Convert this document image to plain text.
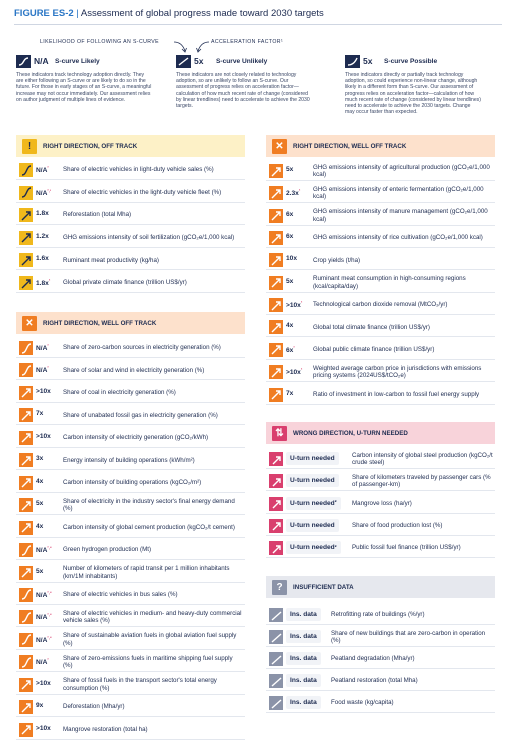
FIGURE ES-2 | Assessment of global progress made toward 2030 targets
LIKELIHOOD OF FOLLOWING AN S-CURVE	ACCELERATION FACTOR¹
N/A S-curve Likely
These indicators track technology adoption directly. They are either following an S-curve or are likely to do so in the future. For those in early stages of an S-curve, a meaningful increase may not occur immediately. Our assessment relies on author judgment of multiple lines of evidence.
5x S-curve Unlikely
These indicators are not closely related to technology adoption, so are unlikely to follow an S-curve. Our assessment of progress relies on acceleration factor—calculation of how much recent rate of change (considered by linear trendlines) need to accelerate to achieve the 2030 targets.
5x S-curve Possible
These indicators directly or partially track technology adoption, so could experience non-linear change, although likely in a different form than S-curve. Our assessment of progress relies on acceleration factor—calculation of how much recent rate of change (considered by linear trendlines) need to accelerate to achieve the 2030 targets. Change may occur faster than expected.
!	RIGHT DIRECTION, OFF TRACK
$N/A^{^2}$ Share of electric vehicles in light-duty vehicle sales (%)
$N/A^{^2,^3}$ Share of electric vehicles in the light-duty vehicle fleet (%)
1.8x Reforestation (total Mha)
1.2x GHG emissions intensity of soil fertilization (gCO₂e/1,000 kcal)
1.6x Ruminant meat productivity (kg/ha)
$1.8x^{^2}$ Global private climate finance (trillion US$/yr)
✕	RIGHT DIRECTION, WELL OFF TRACK
$N/A^{^2}$ Share of zero-carbon sources in electricity generation (%)
$N/A^{^2}$ Share of solar and wind in electricity generation (%)
>10x Share of coal in electricity generation (%)
7x	Share of unabated fossil gas in electricity generation (%)
>10x Carbon intensity of electricity generation (gCO₂/kWh)
3x	Energy intensity of building operations (kWh/m²)
4x	Carbon intensity of building operations (kgCO₂/m²)
5x	Share of electricity in the industry sector's final energy demand (%)
4x	Carbon intensity of global cement production (kgCO₂/t cement)
$N/A^{^2,^4}$ Green hydrogen production (Mt)
5x	Number of kilometers of rapid transit per 1 million inhabitants (km/1M inhabitants)
$N/A^{^2,^4}$ Share of electric vehicles in bus sales (%)
$N/A^{^2,^4}$ Share of electric vehicles in medium- and heavy-duty commercial vehicle sales (%)
$N/A^{^2,^4}$ Share of sustainable aviation fuels in global aviation fuel supply (%)
$N/A^{^2}$ Share of zero-emissions fuels in maritime shipping fuel supply (%)
>10x Share of fossil fuels in the transport sector's total energy consumption (%)
9x	Deforestation (Mha/yr)
>10x Mangrove restoration (total ha)
✕	RIGHT DIRECTION, WELL OFF TRACK
5x	GHG emissions intensity of agricultural production (gCO₂e/1,000 kcal)
$2.3x^{^2}$ GHG emissions intensity of enteric fermentation (gCO₂e/1,000 kcal)
6x	GHG emissions intensity of manure management (gCO₂e/1,000 kcal)
6x	GHG emissions intensity of rice cultivation (gCO₂e/1,000 kcal)
10x	Crop yields (t/ha)
5x	Ruminant meat consumption in high-consuming regions (kcal/capita/day)
$>10x^{^2}$ Technological carbon dioxide removal (MtCO₂/yr)
4x	Global total climate finance (trillion US$/yr)
$6x^{^2}$	Global public climate finance (trillion US$/yr)
$>10x^{^2}$ Weighted average carbon price in jurisdictions with emissions pricing systems (2024US$/tCO₂e)
7x	Ratio of investment in low-carbon to fossil fuel energy supply
⇅	WRONG DIRECTION, U-TURN NEEDED
U-turn needed	Carbon intensity of global steel production (kgCO₂/t crude steel)
U-turn needed	Share of kilometers traveled by passenger cars (% of passenger-km)
U-turn needed ² Mangrove loss (ha/yr)
U-turn needed	Share of food production lost (%)
U-turn needed ² Public fossil fuel finance (trillion US$/yr)
?	INSUFFICIENT DATA
Ins. data Retrofitting rate of buildings (%/yr)
Ins. data Share of new buildings that are zero-carbon in operation (%)
Ins. data Peatland degradation (Mha/yr)
Ins. data Peatland restoration (total Mha)
Ins. data Food waste (kg/capita)
